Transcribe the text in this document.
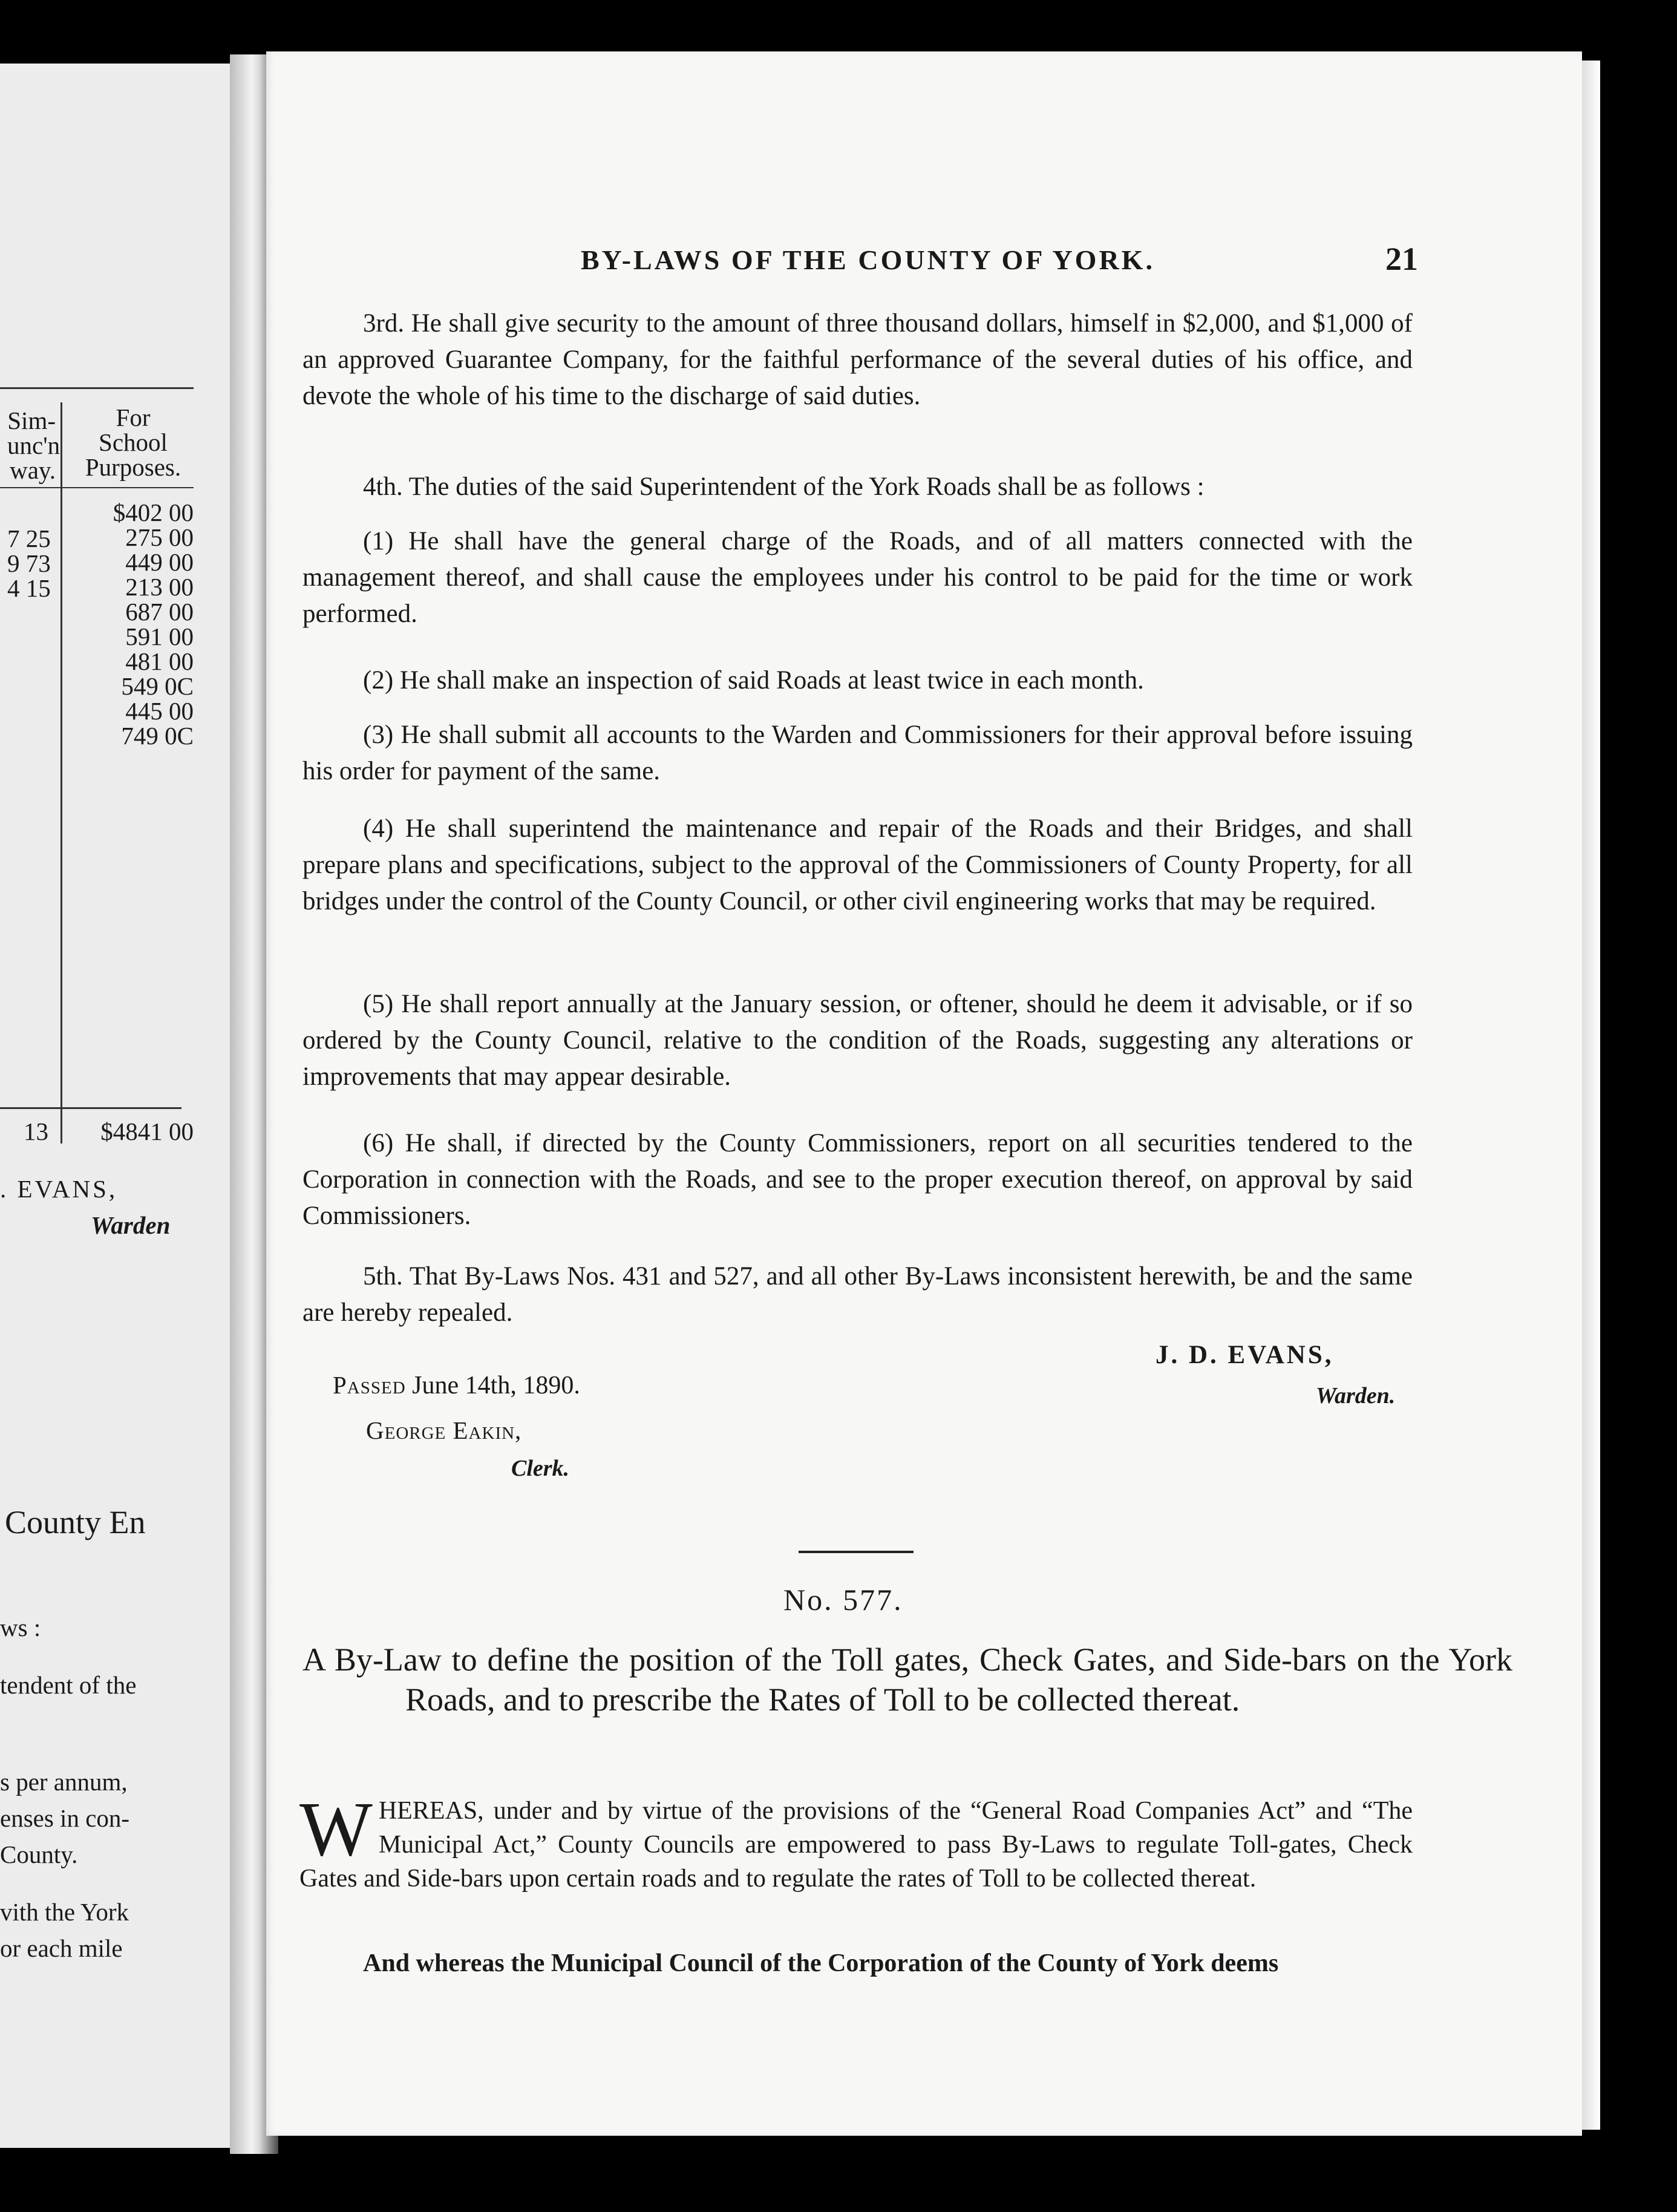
Sim-
unc'n
way.
For
School
Purposes.
7 25
9 73
4 15
$402 00
275 00
449 00
213 00
687 00
591 00
481 00
549 0C
445 00
749 0C
13	$4841 00
. EVANS,
Warden
County En
ws :
tendent of the
s per annum,
enses in con-
County.
vith the York
or each mile
BY-LAWS OF THE COUNTY OF YORK.	21
3rd. He shall give security to the amount of three thousand dollars, himself in $2,000, and $1,000 of an approved Guarantee Company, for the faithful performance of the several duties of his office, and devote the whole of his time to the discharge of said duties.
4th. The duties of the said Superintendent of the York Roads shall be as follows :
(1) He shall have the general charge of the Roads, and of all matters connected with the management thereof, and shall cause the employees under his control to be paid for the time or work performed.
(2) He shall make an inspection of said Roads at least twice in each month.
(3) He shall submit all accounts to the Warden and Commissioners for their approval before issuing his order for payment of the same.
(4) He shall superintend the maintenance and repair of the Roads and their Bridges, and shall prepare plans and specifications, subject to the approval of the Commissioners of County Property, for all bridges under the control of the County Council, or other civil engineering works that may be required.
(5) He shall report annually at the January session, or oftener, should he deem it advisable, or if so ordered by the County Council, relative to the condition of the Roads, suggesting any alterations or improvements that may appear desirable.
(6) He shall, if directed by the County Commissioners, report on all securities tendered to the Corporation in connection with the Roads, and see to the proper execution thereof, on approval by said Commissioners.
5th. That By-Laws Nos. 431 and 527, and all other By-Laws inconsistent herewith, be and the same are hereby repealed.
J. D. EVANS,
Warden.
Passed June 14th, 1890.
George Eakin,
Clerk.
No. 577.
A By-Law to define the position of the Toll gates, Check Gates, and Side-bars on the York Roads, and to prescribe the Rates of Toll to be collected thereat.
WHEREAS, under and by virtue of the provisions of the “General Road Companies Act” and “The Municipal Act,” County Councils are empowered to pass By-Laws to regulate Toll-gates, Check Gates and Side-bars upon certain roads and to regulate the rates of Toll to be collected thereat.
And whereas the Municipal Council of the Corporation of the County of York deems
